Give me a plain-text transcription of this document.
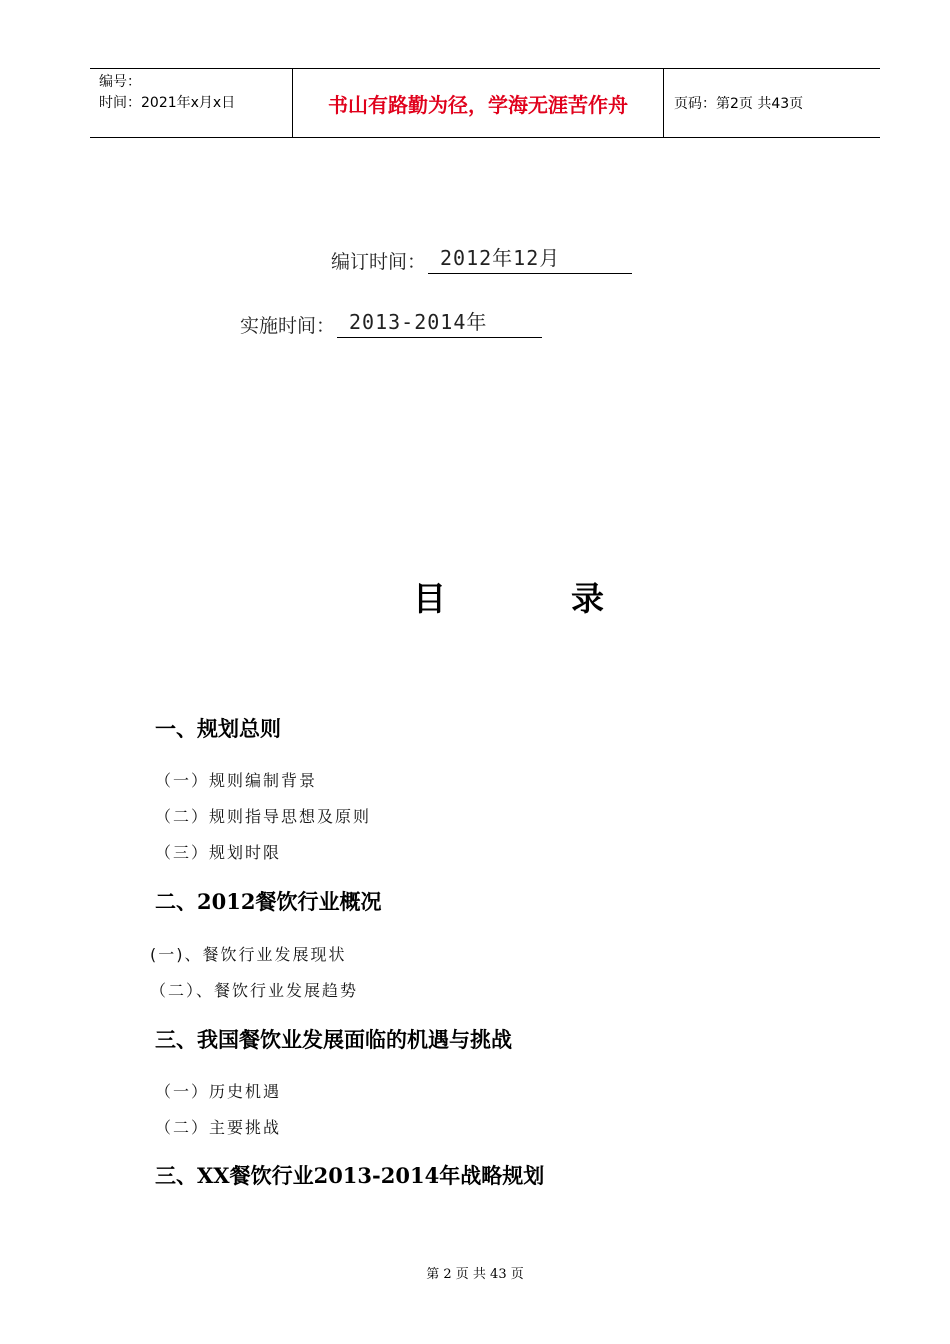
编号：
时间：2021年x月x日	书山有路勤为径，学海无涯苦作舟	页码：第2页 共43页
编订时间： 2012年12月
实施时间： 2013-2014年
目	录
一、规划总则
（一）规则编制背景
（二）规则指导思想及原则
（三）规划时限
二、2012餐饮行业概况
(一)、餐饮行业发展现状
（二）、餐饮行业发展趋势
三、我国餐饮业发展面临的机遇与挑战
（一）历史机遇
（二）主要挑战
三、XX餐饮行业2013-2014年战略规划
第 2 页 共 43 页
